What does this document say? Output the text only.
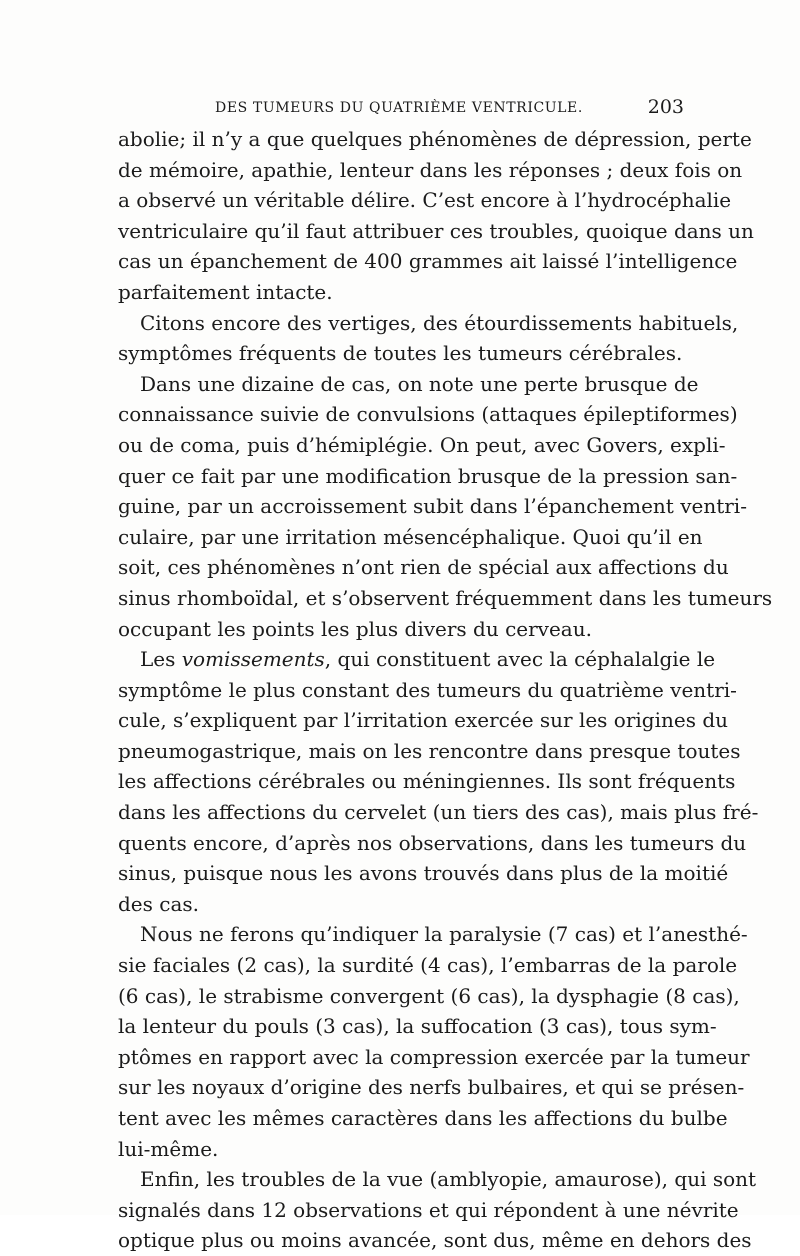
DES TUMEURS DU QUATRIÈME VENTRICULE.	203
abolie; il n’y a que quelques phénomènes de dépression, perte
de mémoire, apathie, lenteur dans les réponses ; deux fois on
a observé un véritable délire. C’est encore à l’hydrocéphalie
ventriculaire qu’il faut attribuer ces troubles, quoique dans un
cas un épanchement de 400 grammes ait laissé l’intelligence
parfaitement intacte.
Citons encore des vertiges, des étourdissements habituels,
symptômes fréquents de toutes les tumeurs cérébrales.
Dans une dizaine de cas, on note une perte brusque de
connaissance suivie de convulsions (attaques épileptiformes)
ou de coma, puis d’hémiplégie. On peut, avec Govers, expli-
quer ce fait par une modification brusque de la pression san-
guine, par un accroissement subit dans l’épanchement ventri-
culaire, par une irritation mésencéphalique. Quoi qu’il en
soit, ces phénomènes n’ont rien de spécial aux affections du
sinus rhomboïdal, et s’observent fréquemment dans les tumeurs
occupant les points les plus divers du cerveau.
Les vomissements, qui constituent avec la céphalalgie le
symptôme le plus constant des tumeurs du quatrième ventri-
cule, s’expliquent par l’irritation exercée sur les origines du
pneumogastrique, mais on les rencontre dans presque toutes
les affections cérébrales ou méningiennes. Ils sont fréquents
dans les affections du cervelet (un tiers des cas), mais plus fré-
quents encore, d’après nos observations, dans les tumeurs du
sinus, puisque nous les avons trouvés dans plus de la moitié
des cas.
Nous ne ferons qu’indiquer la paralysie (7 cas) et l’anesthé-
sie faciales (2 cas), la surdité (4 cas), l’embarras de la parole
(6 cas), le strabisme convergent (6 cas), la dysphagie (8 cas),
la lenteur du pouls (3 cas), la suffocation (3 cas), tous sym-
ptômes en rapport avec la compression exercée par la tumeur
sur les noyaux d’origine des nerfs bulbaires, et qui se présen-
tent avec les mêmes caractères dans les affections du bulbe
lui-même.
Enfin, les troubles de la vue (amblyopie, amaurose), qui sont
signalés dans 12 observations et qui répondent à une névrite
optique plus ou moins avancée, sont dus, même en dehors des
